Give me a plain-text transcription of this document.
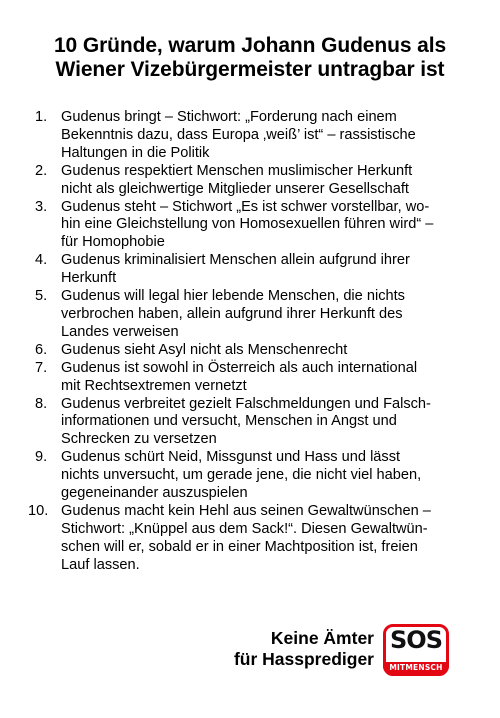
10 Gründe, warum Johann Gudenus als
Wiener Vizebürgermeister untragbar ist
1. Gudenus bringt – Stichwort: „Forderung nach einem
Bekenntnis dazu, dass Europa ‚weiß’ ist“ – rassistische
Haltungen in die Politik
2. Gudenus respektiert Menschen muslimischer Herkunft
nicht als gleichwertige Mitglieder unserer Gesellschaft
3. Gudenus steht – Stichwort „Es ist schwer vorstellbar, wo-
hin eine Gleichstellung von Homosexuellen führen wird“ –
für Homophobie
4. Gudenus kriminalisiert Menschen allein aufgrund ihrer
Herkunft
5. Gudenus will legal hier lebende Menschen, die nichts
verbrochen haben, allein aufgrund ihrer Herkunft des
Landes verweisen
6. Gudenus sieht Asyl nicht als Menschenrecht
7. Gudenus ist sowohl in Österreich als auch international
mit Rechtsextremen vernetzt
8. Gudenus verbreitet gezielt Falschmeldungen und Falsch-
informationen und versucht, Menschen in Angst und
Schrecken zu versetzen
9. Gudenus schürt Neid, Missgunst und Hass und lässt
nichts unversucht, um gerade jene, die nicht viel haben,
gegeneinander auszuspielen
10. Gudenus macht kein Hehl aus seinen Gewaltwünschen –
Stichwort: „Knüppel aus dem Sack!“. Diesen Gewaltwün-
schen will er, sobald er in einer Machtposition ist, freien
Lauf lassen.

Keine Ämter
für Hassprediger

SOS
MITMENSCH
